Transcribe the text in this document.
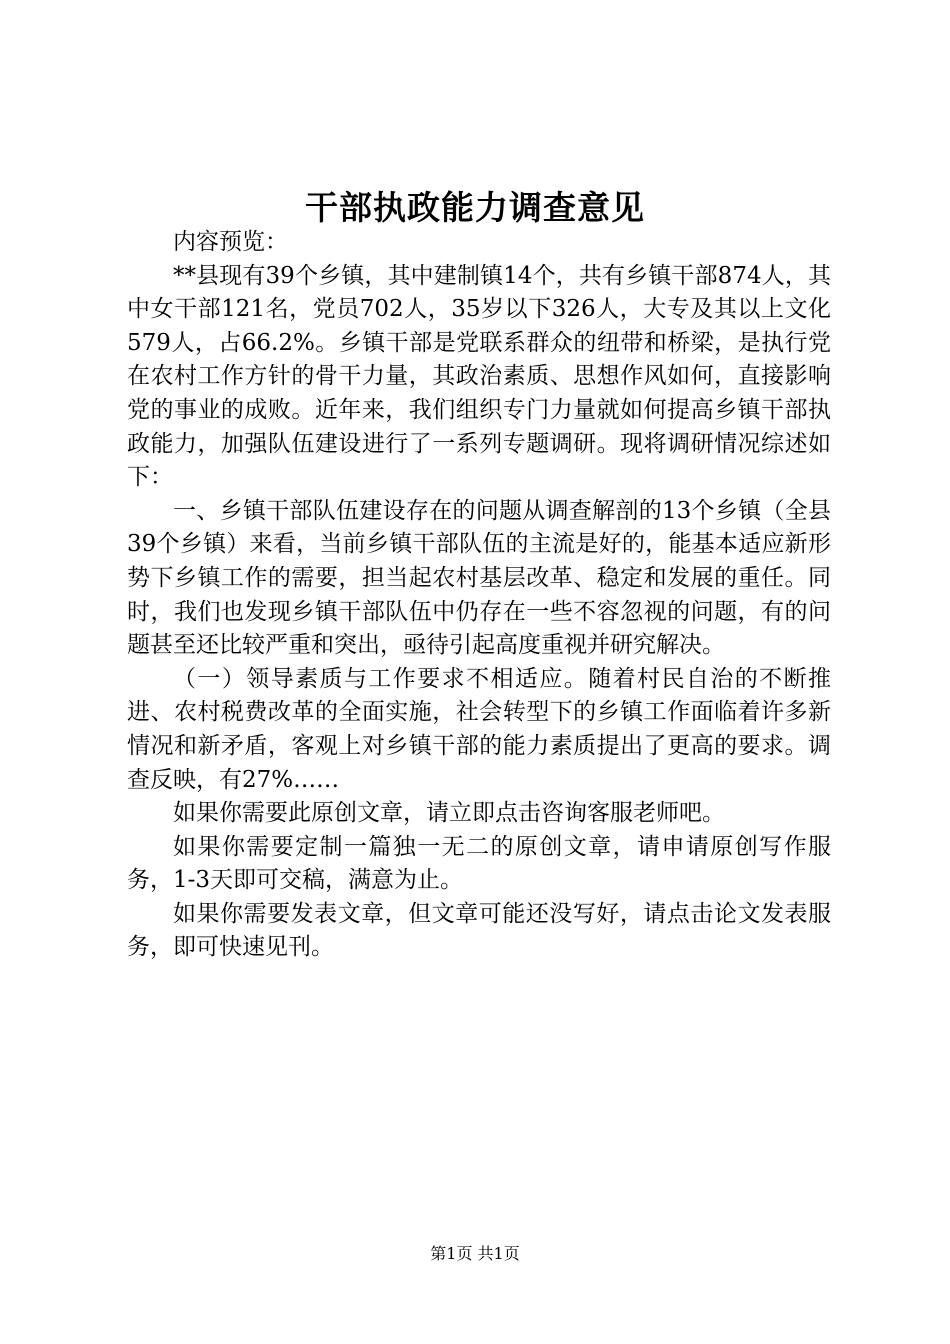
干部执政能力调查意见

内容预览：

**县现有39个乡镇，其中建制镇14个，共有乡镇干部874人，其中女干部121名，党员702人，35岁以下326人，大专及其以上文化579人，占66.2%。乡镇干部是党联系群众的纽带和桥梁，是执行党在农村工作方针的骨干力量，其政治素质、思想作风如何，直接影响党的事业的成败。近年来，我们组织专门力量就如何提高乡镇干部执政能力，加强队伍建设进行了一系列专题调研。现将调研情况综述如下：

一、乡镇干部队伍建设存在的问题从调查解剖的13个乡镇（全县39个乡镇）来看，当前乡镇干部队伍的主流是好的，能基本适应新形势下乡镇工作的需要，担当起农村基层改革、稳定和发展的重任。同时，我们也发现乡镇干部队伍中仍存在一些不容忽视的问题，有的问题甚至还比较严重和突出，亟待引起高度重视并研究解决。

（一）领导素质与工作要求不相适应。随着村民自治的不断推进、农村税费改革的全面实施，社会转型下的乡镇工作面临着许多新情况和新矛盾，客观上对乡镇干部的能力素质提出了更高的要求。调查反映，有27%……

如果你需要此原创文章，请立即点击咨询客服老师吧。

如果你需要定制一篇独一无二的原创文章，请申请原创写作服务，1-3天即可交稿，满意为止。

如果你需要发表文章，但文章可能还没写好，请点击论文发表服务，即可快速见刊。

第1页 共1页
